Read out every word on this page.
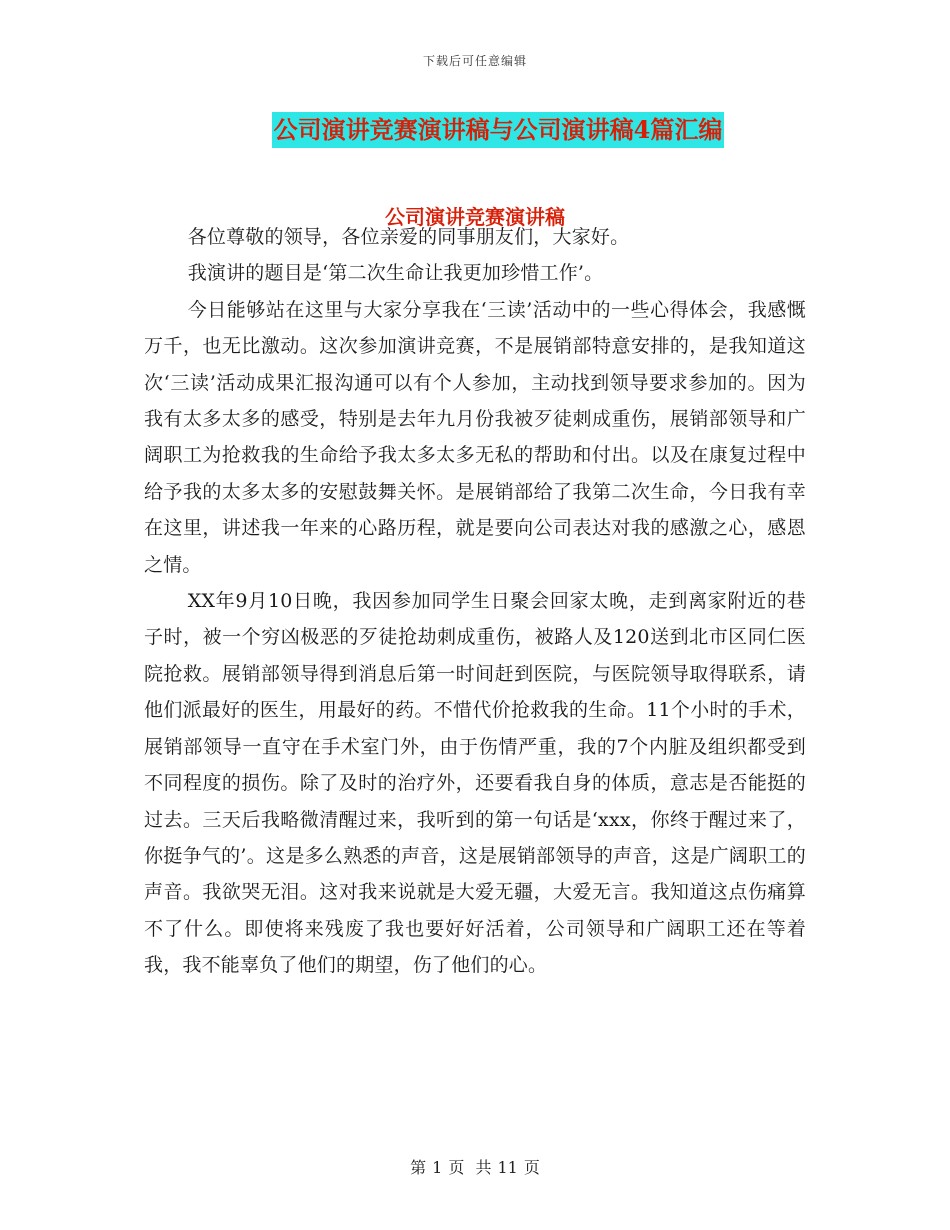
下载后可任意编辑
公司演讲竞赛演讲稿与公司演讲稿4篇汇编
公司演讲竞赛演讲稿

各位尊敬的领导，各位亲爱的同事朋友们，大家好。

我演讲的题目是‘第二次生命让我更加珍惜工作’。

今日能够站在这里与大家分享我在‘三读’活动中的一些心得体会，我感慨万千，也无比激动。这次参加演讲竞赛，不是展销部特意安排的，是我知道这次‘三读’活动成果汇报沟通可以有个人参加，主动找到领导要求参加的。因为我有太多太多的感受，特别是去年九月份我被歹徒刺成重伤，展销部领导和广阔职工为抢救我的生命给予我太多太多无私的帮助和付出。以及在康复过程中给予我的太多太多的安慰鼓舞关怀。是展销部给了我第二次生命，今日我有幸在这里，讲述我一年来的心路历程，就是要向公司表达对我的感激之心，感恩之情。

XX年9月10日晚，我因参加同学生日聚会回家太晚，走到离家附近的巷子时，被一个穷凶极恶的歹徒抢劫刺成重伤，被路人及120送到北市区同仁医院抢救。展销部领导得到消息后第一时间赶到医院，与医院领导取得联系，请他们派最好的医生，用最好的药。不惜代价抢救我的生命。11个小时的手术，展销部领导一直守在手术室门外，由于伤情严重，我的7个内脏及组织都受到不同程度的损伤。除了及时的治疗外，还要看我自身的体质，意志是否能挺的过去。三天后我略微清醒过来，我听到的第一句话是‘xxx，你终于醒过来了，你挺争气的’。这是多么熟悉的声音，这是展销部领导的声音，这是广阔职工的声音。我欲哭无泪。这对我来说就是大爱无疆，大爱无言。我知道这点伤痛算不了什么。即使将来残废了我也要好好活着，公司领导和广阔职工还在等着我，我不能辜负了他们的期望，伤了他们的心。

第 1 页 共 11 页
